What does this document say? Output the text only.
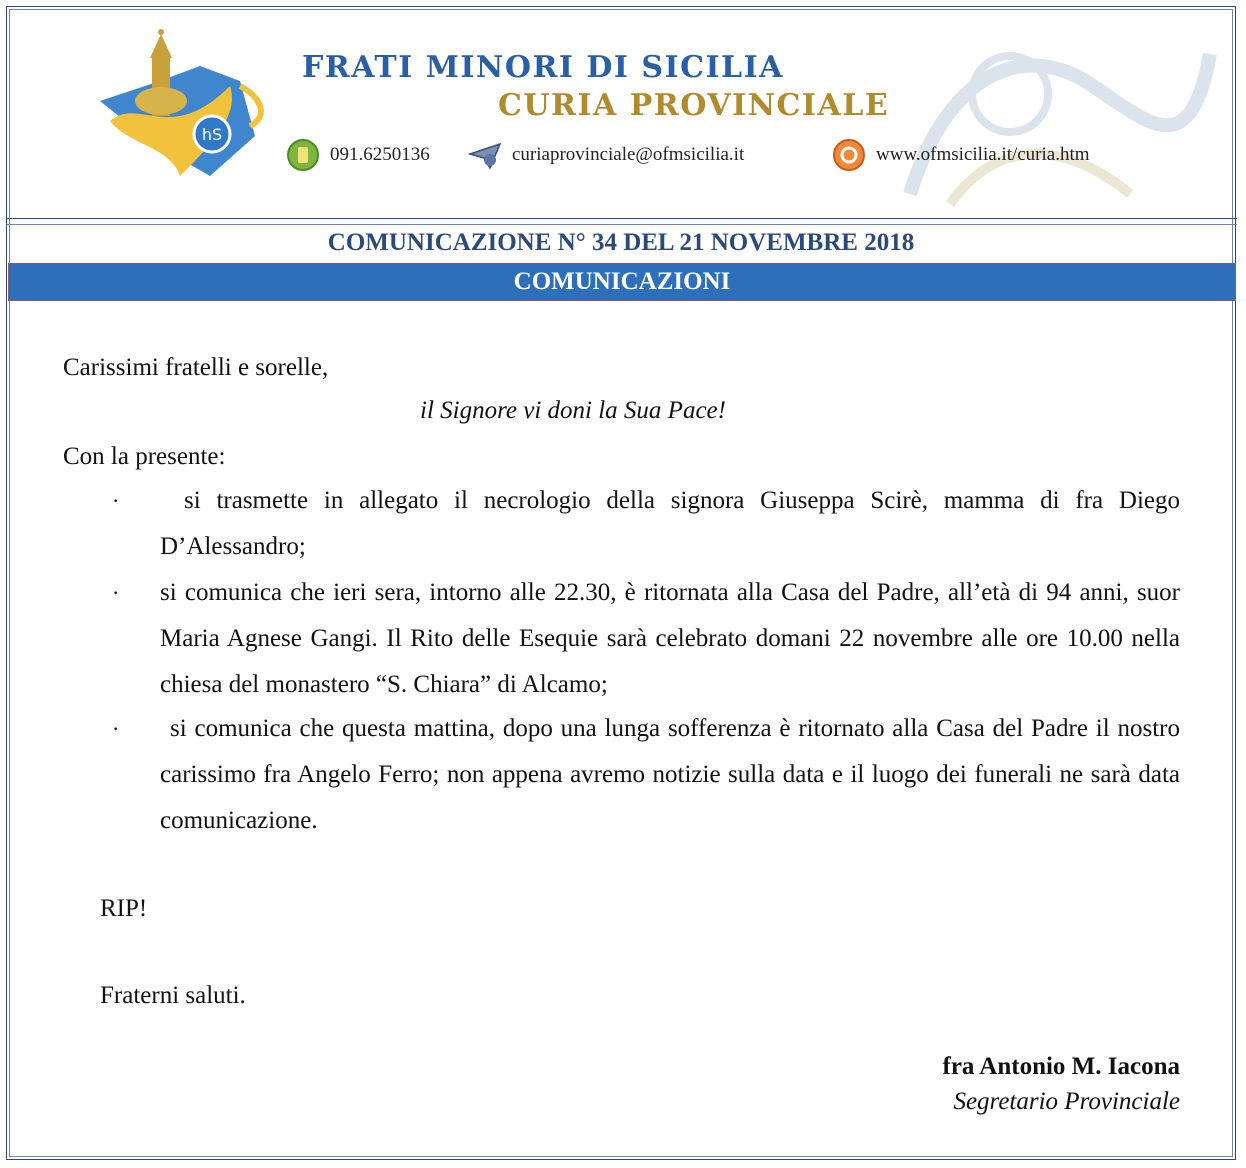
hS
FRATI MINORI DI SICILIA
CURIA PROVINCIALE
091.6250136	curiaprovinciale@ofmsicilia.it	www.ofmsicilia.it/curia.htm
COMUNICAZIONE N° 34 DEL 21 NOVEMBRE 2018
COMUNICAZIONI
Carissimi fratelli e sorelle,
il Signore vi doni la Sua Pace!
Con la presente:
·	si trasmette in allegato il necrologio della signora Giuseppa Scirè, mamma di fra Diego D’Alessandro;
· si comunica che ieri sera, intorno alle 22.30, è ritornata alla Casa del Padre, all’età di 94 anni, suor Maria Agnese Gangi. Il Rito delle Esequie sarà celebrato domani 22 novembre alle ore 10.00 nella chiesa del monastero “S. Chiara” di Alcamo;
·	si comunica che questa mattina, dopo una lunga sofferenza è ritornato alla Casa del Padre il nostro carissimo fra Angelo Ferro; non appena avremo notizie sulla data e il luogo dei funerali ne sarà data comunicazione.
RIP!
Fraterni saluti.
fra Antonio M. Iacona
Segretario Provinciale
